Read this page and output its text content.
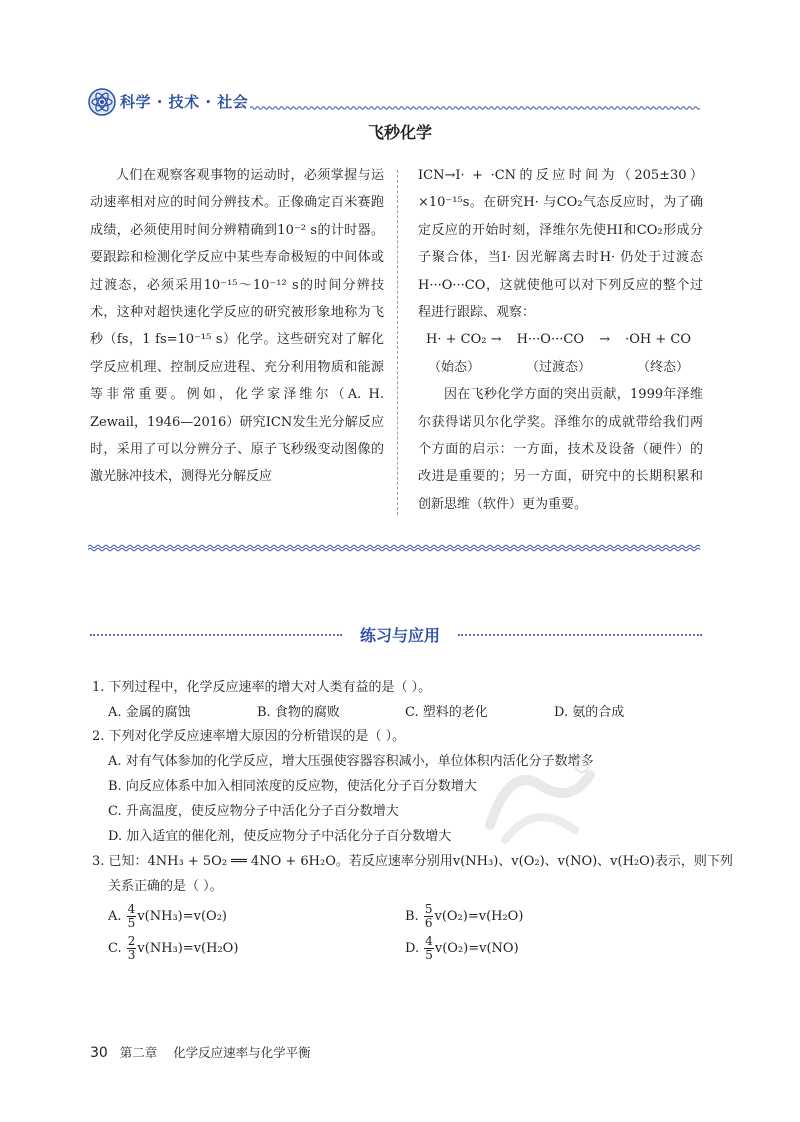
科学 · 技术 · 社会
飞秒化学

人们在观察客观事物的运动时，必须掌握与运动速率相对应的时间分辨技术。正像确定百米赛跑成绩，必须使用时间分辨精确到10⁻² s的计时器。要跟踪和检测化学反应中某些寿命极短的中间体或过渡态，必须采用10⁻¹⁵～10⁻¹² s的时间分辨技术，这种对超快速化学反应的研究被形象地称为飞秒（fs，1 fs=10⁻¹⁵ s）化学。这些研究对了解化学反应机理、控制反应进程、充分利用物质和能源等非常重要。例如，化学家泽维尔（A. H. Zewail，1946—2016）研究ICN发生光分解反应时，采用了可以分辨分子、原子飞秒级变动图像的激光脉冲技术，测得光分解反应

ICN→I· + ·CN的反应时间为（205±30）×10⁻¹⁵s。在研究H· 与CO₂气态反应时，为了确定反应的开始时刻，泽维尔先使HI和CO₂形成分子聚合体，当I· 因光解离去时H· 仍处于过渡态H···O···CO，这就使他可以对下列反应的整个过程进行跟踪、观察：

H· + CO₂ → H···O···CO → ·OH + CO
（始态）	（过渡态）	（终态）

因在飞秒化学方面的突出贡献，1999年泽维尔获得诺贝尔化学奖。泽维尔的成就带给我们两个方面的启示：一方面，技术及设备（硬件）的改进是重要的；另一方面，研究中的长期积累和创新思维（软件）更为重要。

练习与应用
1. 下列过程中，化学反应速率的增大对人类有益的是（ ）。
A. 金属的腐蚀	B. 食物的腐败	C. 塑料的老化	D. 氨的合成
2. 下列对化学反应速率增大原因的分析错误的是（ ）。
A. 对有气体参加的化学反应，增大压强使容器容积减小，单位体积内活化分子数增多
B. 向反应体系中加入相同浓度的反应物，使活化分子百分数增大
C. 升高温度，使反应物分子中活化分子百分数增大
D. 加入适宜的催化剂，使反应物分子中活化分子百分数增大
3. 已知：4NH₃ + 5O₂ ══ 4NO + 6H₂O。若反应速率分别用v(NH₃)、v(O₂)、v(NO)、v(H₂O)表示，则下列
关系正确的是（ ）。
A. $\frac{4}{5} v(NH_3)=v(O_2)$	B. $\frac{5}{6} v(O_2)=v(H_2O)$
C. $\frac{2}{3} v(NH_3)=v(H_2O)$	D. $\frac{4}{5} v(O_2)=v(NO)$
30 第二章 化学反应速率与化学平衡
